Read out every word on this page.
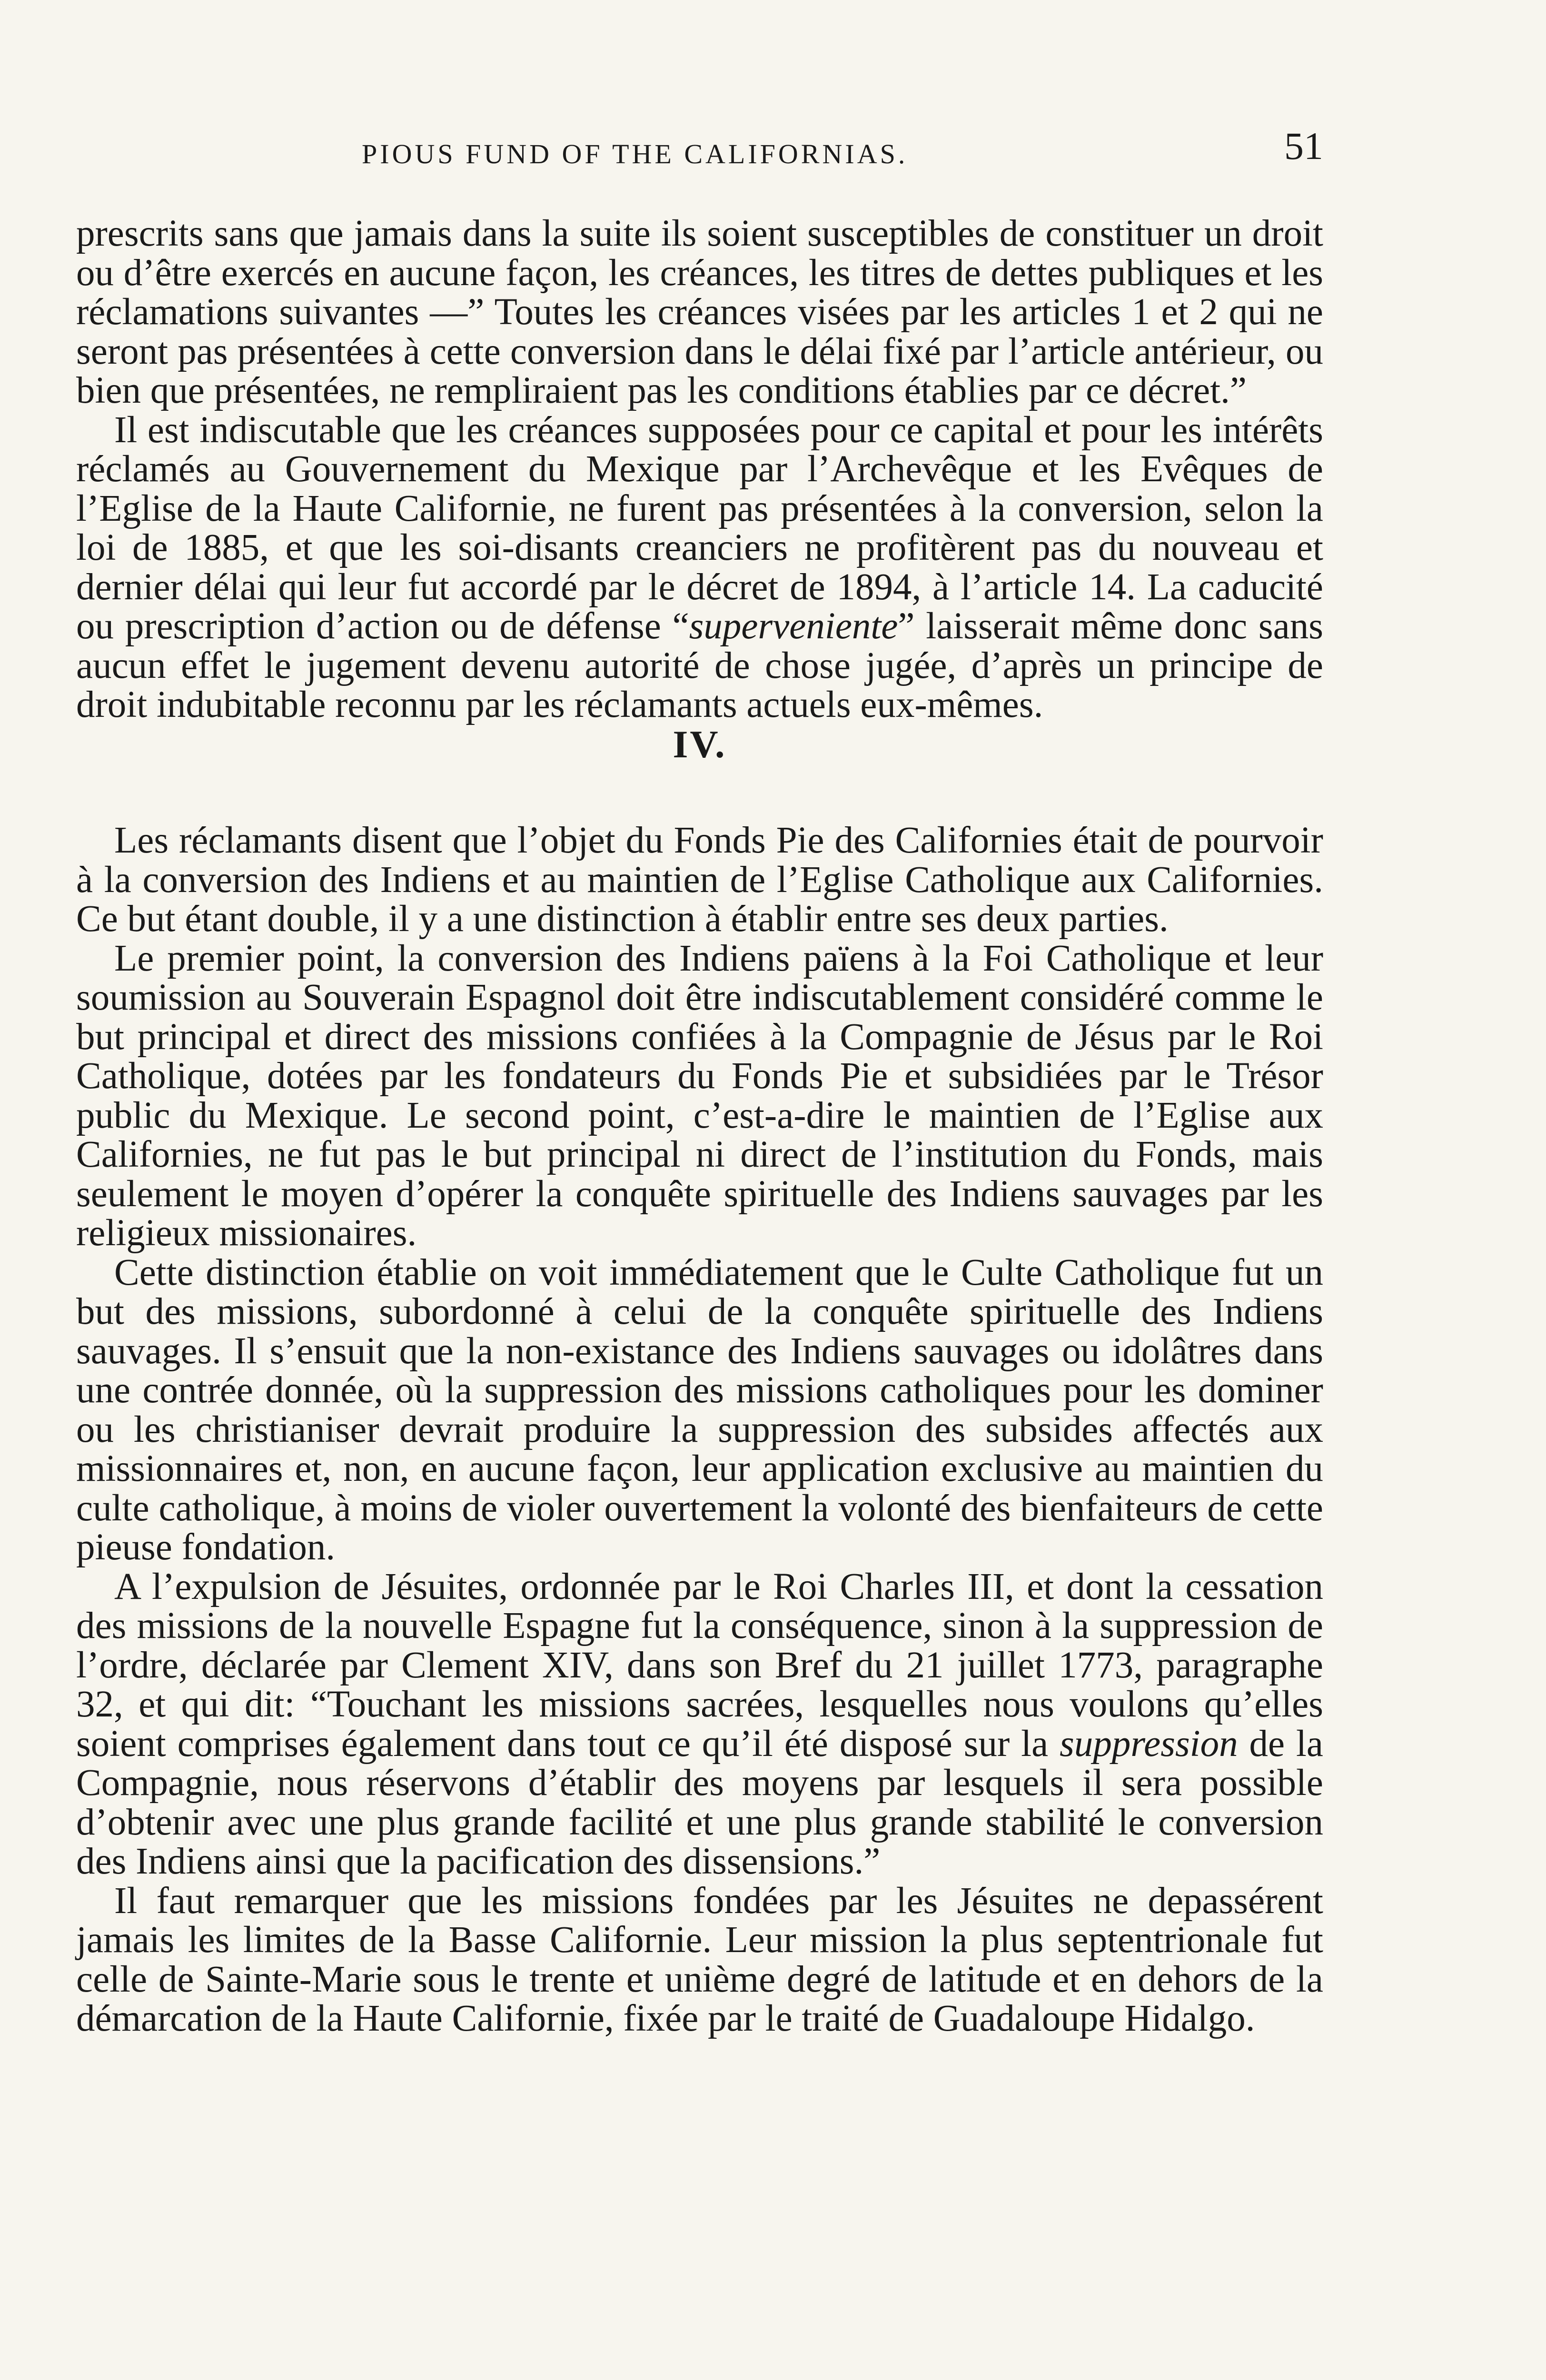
PIOUS FUND OF THE CALIFORNIAS.	51

prescrits sans que jamais dans la suite ils soient susceptibles de constituer un droit ou d’être exercés en aucune façon, les créances, les titres de dettes publiques et les réclamations suivantes —” Toutes les créances visées par les articles 1 et 2 qui ne seront pas présentées à cette conversion dans le délai fixé par l’article antérieur, ou bien que présentées, ne rempliraient pas les conditions établies par ce décret.”

Il est indiscutable que les créances supposées pour ce capital et pour les intérêts réclamés au Gouvernement du Mexique par l’Archevêque et les Evêques de l’Eglise de la Haute Californie, ne furent pas présentées à la conversion, selon la loi de 1885, et que les soi-disants creanciers ne profitèrent pas du nouveau et dernier délai qui leur fut accordé par le décret de 1894, à l’article 14. La caducité ou prescription d’action ou de défense “superveniente” laisserait même donc sans aucun effet le jugement devenu autorité de chose jugée, d’après un principe de droit indubitable reconnu par les réclamants actuels eux-mêmes.

IV.

Les réclamants disent que l’objet du Fonds Pie des Californies était de pourvoir à la conversion des Indiens et au maintien de l’Eglise Catholique aux Californies. Ce but étant double, il y a une distinction à établir entre ses deux parties.

Le premier point, la conversion des Indiens païens à la Foi Catholique et leur soumission au Souverain Espagnol doit être indiscutablement considéré comme le but principal et direct des missions confiées à la Compagnie de Jésus par le Roi Catholique, dotées par les fondateurs du Fonds Pie et subsidiées par le Trésor public du Mexique. Le second point, c’est-a-dire le maintien de l’Eglise aux Californies, ne fut pas le but principal ni direct de l’institution du Fonds, mais seulement le moyen d’opérer la conquête spirituelle des Indiens sauvages par les religieux missionaires.

Cette distinction établie on voit immédiatement que le Culte Catholique fut un but des missions, subordonné à celui de la conquête spirituelle des Indiens sauvages. Il s’ensuit que la non-existance des Indiens sauvages ou idolâtres dans une contrée donnée, où la suppression des missions catholiques pour les dominer ou les christianiser devrait produire la suppression des subsides affectés aux missionnaires et, non, en aucune façon, leur application exclusive au maintien du culte catholique, à moins de violer ouvertement la volonté des bienfaiteurs de cette pieuse fondation.

A l’expulsion de Jésuites, ordonnée par le Roi Charles III, et dont la cessation des missions de la nouvelle Espagne fut la conséquence, sinon à la suppression de l’ordre, déclarée par Clement XIV, dans son Bref du 21 juillet 1773, paragraphe 32, et qui dit: “Touchant les missions sacrées, lesquelles nous voulons qu’elles soient comprises également dans tout ce qu’il été disposé sur la suppression de la Compagnie, nous réservons d’établir des moyens par lesquels il sera possible d’obtenir avec une plus grande facilité et une plus grande stabilité le conversion des Indiens ainsi que la pacification des dissensions.”

Il faut remarquer que les missions fondées par les Jésuites ne depassérent jamais les limites de la Basse Californie. Leur mission la plus septentrionale fut celle de Sainte-Marie sous le trente et unième degré de latitude et en dehors de la démarcation de la Haute Californie, fixée par le traité de Guadaloupe Hidalgo.
